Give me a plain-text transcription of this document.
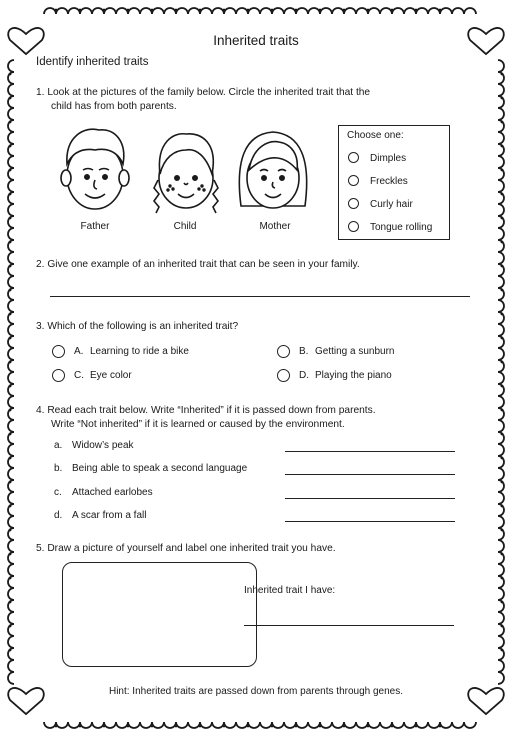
Inherited traits
Identify inherited traits
1. Look at the pictures of the family below. Circle the inherited trait that the
child has from both parents.
Father	Child	Mother
Choose one:
Dimples
Freckles
Curly hair
Tongue rolling
2. Give one example of an inherited trait that can be seen in your family.
3. Which of the following is an inherited trait?
A. Learning to ride a bike	B. Getting a sunburn
C. Eye color	D. Playing the piano
4. Read each trait below. Write “Inherited” if it is passed down from parents.
Write “Not inherited” if it is learned or caused by the environment.
a. Widow’s peak
b. Being able to speak a second language
c. Attached earlobes
d. A scar from a fall
5. Draw a picture of yourself and label one inherited trait you have.
Inherited trait I have:
Hint: Inherited traits are passed down from parents through genes.
